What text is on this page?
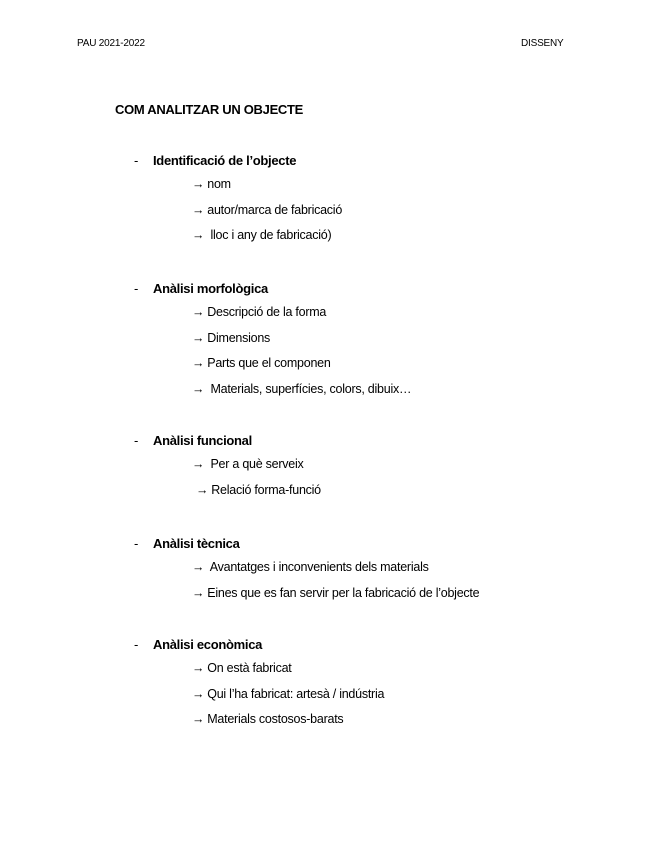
PAU 2021-2022	DISSENY
COM ANALITZAR UN OBJECTE
- Identificació de l’objecte
→ nom
→ autor/marca de fabricació
→ lloc i any de fabricació)
- Anàlisi morfològica
→ Descripció de la forma
→ Dimensions
→ Parts que el componen
→ Materials, superfícies, colors, dibuix…
- Anàlisi funcional
→ Per a què serveix
→ Relació forma-funció
- Anàlisi tècnica
→ Avantatges i inconvenients dels materials
→ Eines que es fan servir per la fabricació de l’objecte
- Anàlisi econòmica
→ On està fabricat
→ Qui l’ha fabricat: artesà / indústria
→ Materials costosos-barats
